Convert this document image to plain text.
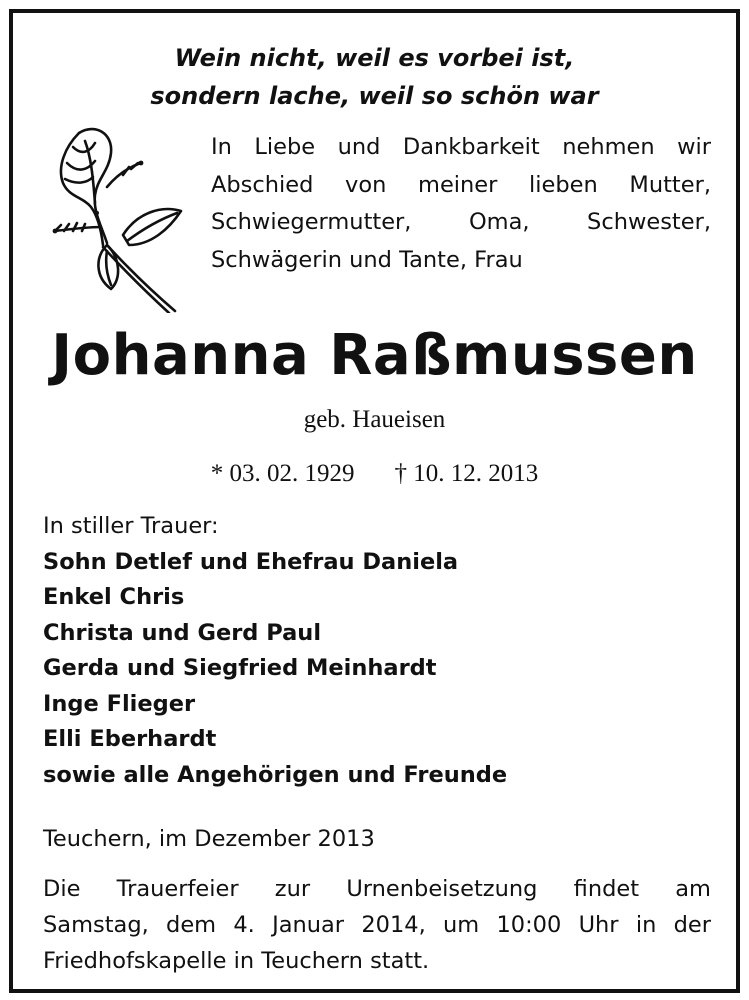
Wein nicht, weil es vorbei ist,
sondern lache, weil so schön war
In Liebe und Dankbarkeit nehmen wir
Abschied von meiner lieben Mutter,
Schwiegermutter,	Oma,	Schwester,
Schwägerin und Tante, Frau
Johanna Raßmussen
geb. Haueisen
* 03. 02. 1929 † 10. 12. 2013
In stiller Trauer:
Sohn Detlef und Ehefrau Daniela
Enkel Chris
Christa und Gerd Paul
Gerda und Siegfried Meinhardt
Inge Flieger
Elli Eberhardt
sowie alle Angehörigen und Freunde
Teuchern, im Dezember 2013
Die Trauerfeier zur Urnenbeisetzung findet am
Samstag, dem 4. Januar 2014, um 10:00 Uhr in der
Friedhofskapelle in Teuchern statt.
